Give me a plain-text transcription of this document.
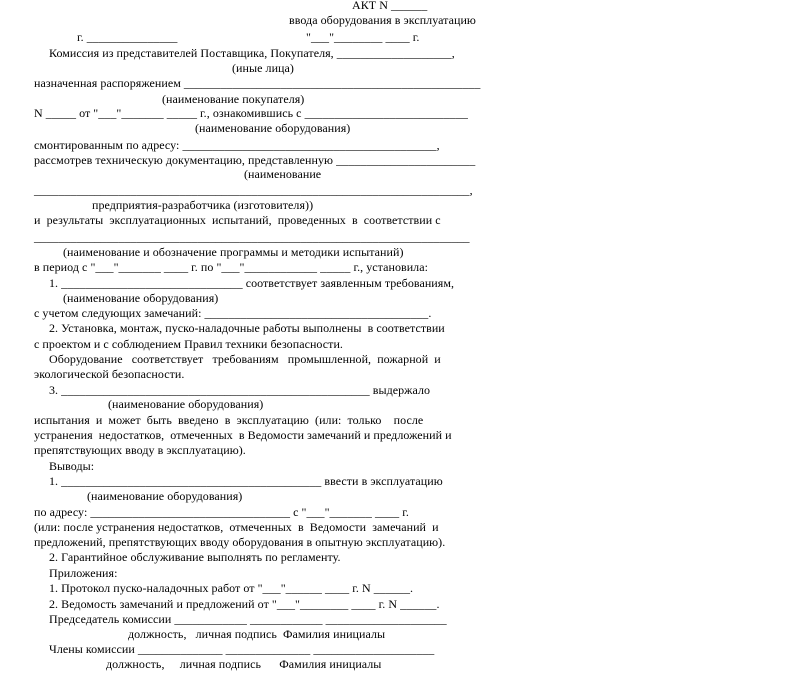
АКТ N ______
ввода оборудования в эксплуатацию
г. _______________	"___"________ ____ г.
Комиссия из представителей Поставщика, Покупателя, ___________________,
(иные лица)
назначенная распоряжением _________________________________________________
(наименование покупателя)
N _____ от "___"_______ _____ г., ознакомившись с ___________________________
(наименование оборудования)
смонтированным по адресу: __________________________________________,
рассмотрев техническую документацию, представленную _______________________
(наименование
________________________________________________________________________,
предприятия-разработчика (изготовителя))
и  результаты  эксплуатационных  испытаний,  проведенных  в  соответствии с
________________________________________________________________________
(наименование и обозначение программы и методики испытаний)
в период с "___"_______ ____ г. по "___"____________ _____ г., установила:
1. ______________________________ соответствует заявленным требованиям,
(наименование оборудования)
с учетом следующих замечаний: _____________________________________.
2. Установка, монтаж, пуско-наладочные работы выполнены  в соответствии
с проектом и с соблюдением Правил техники безопасности.
Оборудование   соответствует   требованиям   промышленной,  пожарной  и
экологической безопасности.
3. ___________________________________________________ выдержало
(наименование оборудования)
испытания  и  может  быть  введено  в  эксплуатацию  (или:  только    после
устранения  недостатков,  отмеченных  в Ведомости замечаний и предложений и
препятствующих вводу в эксплуатацию).
Выводы:
1. ___________________________________________ ввести в эксплуатацию
(наименование оборудования)
по адресу: _________________________________ с "___"_______ ____ г.
(или: после устранения недостатков,  отмеченных  в  Ведомости  замечаний  и
предложений, препятствующих вводу оборудования в опытную эксплуатацию).
2. Гарантийное обслуживание выполнять по регламенту.
Приложения:
1. Протокол пуско-наладочных работ от "___"______ ____ г. N ______.
2. Ведомость замечаний и предложений от "___"________ ____ г. N ______.
Председатель комиссии ____________ ____________ ____________________
должность,   личная подпись  Фамилия инициалы
Члены комиссии ______________ ______________ ____________________
должность,     личная подпись      Фамилия инициалы
